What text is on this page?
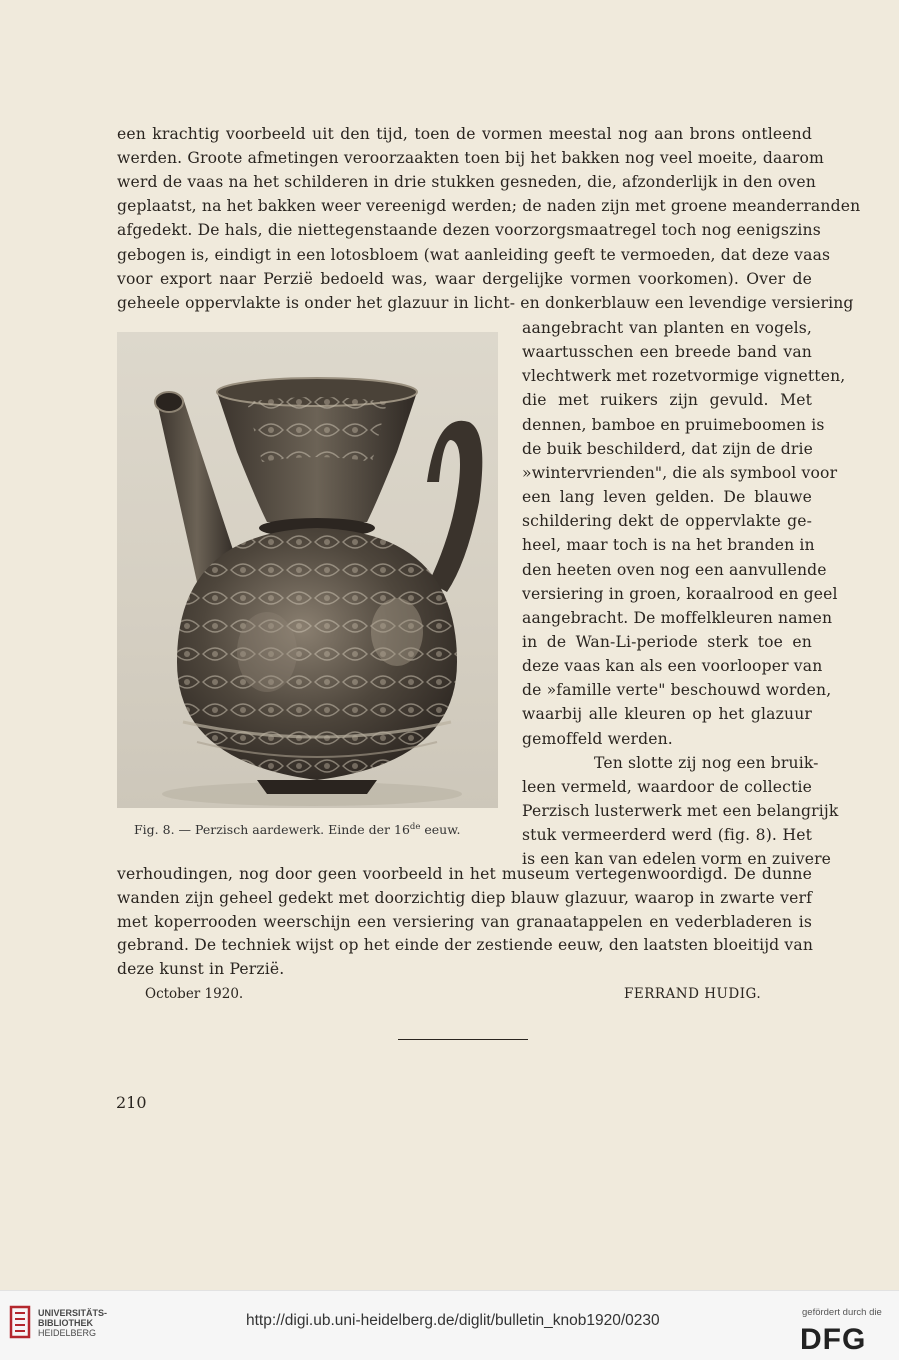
een krachtig voorbeeld uit den tijd, toen de vormen meestal nog aan brons ontleend
werden. Groote afmetingen veroorzaakten toen bij het bakken nog veel moeite, daarom
werd de vaas na het schilderen in drie stukken gesneden, die, afzonderlijk in den oven
geplaatst, na het bakken weer vereenigd werden; de naden zijn met groene meanderranden
afgedekt. De hals, die niettegenstaande dezen voorzorgsmaatregel toch nog eenigszins
gebogen is, eindigt in een lotosbloem (wat aanleiding geeft te vermoeden, dat deze vaas
voor export naar Perzië bedoeld was, waar dergelijke vormen voorkomen). Over de
geheele oppervlakte is onder het glazuur in licht- en donkerblauw een levendige versiering
aangebracht van planten en vogels,
waartusschen een breede band van
vlechtwerk met rozetvormige vignetten,
die met ruikers zijn gevuld. Met
dennen, bamboe en pruimeboomen is
de buik beschilderd, dat zijn de drie
»wintervrienden", die als symbool voor
een lang leven gelden. De blauwe
schildering dekt de oppervlakte ge-
heel, maar toch is na het branden in
den heeten oven nog een aanvullende
versiering in groen, koraalrood en geel
aangebracht. De moffelkleuren namen
in de Wan-Li-periode sterk toe en
deze vaas kan als een voorlooper van
de »famille verte" beschouwd worden,
waarbij alle kleuren op het glazuur
gemoffeld werden.
Ten slotte zij nog een bruik-
leen vermeld, waardoor de collectie
Perzisch lusterwerk met een belangrijk
stuk vermeerderd werd (fig. 8). Het
is een kan van edelen vorm en zuivere
Fig. 8. — Perzisch aardewerk. Einde der 16de eeuw.
verhoudingen, nog door geen voorbeeld in het museum vertegenwoordigd. De dunne
wanden zijn geheel gedekt met doorzichtig diep blauw glazuur, waarop in zwarte verf
met koperrooden weerschijn een versiering van granaatappelen en vederbladeren is
gebrand. De techniek wijst op het einde der zestiende eeuw, den laatsten bloeitijd van
deze kunst in Perzië.
October 1920.	FERRAND HUDIG.
210
UNIVERSITÄTS-
BIBLIOTHEK
HEIDELBERG
http://digi.ub.uni-heidelberg.de/diglit/bulletin_knob1920/0230	gefördert durch die
DFG
